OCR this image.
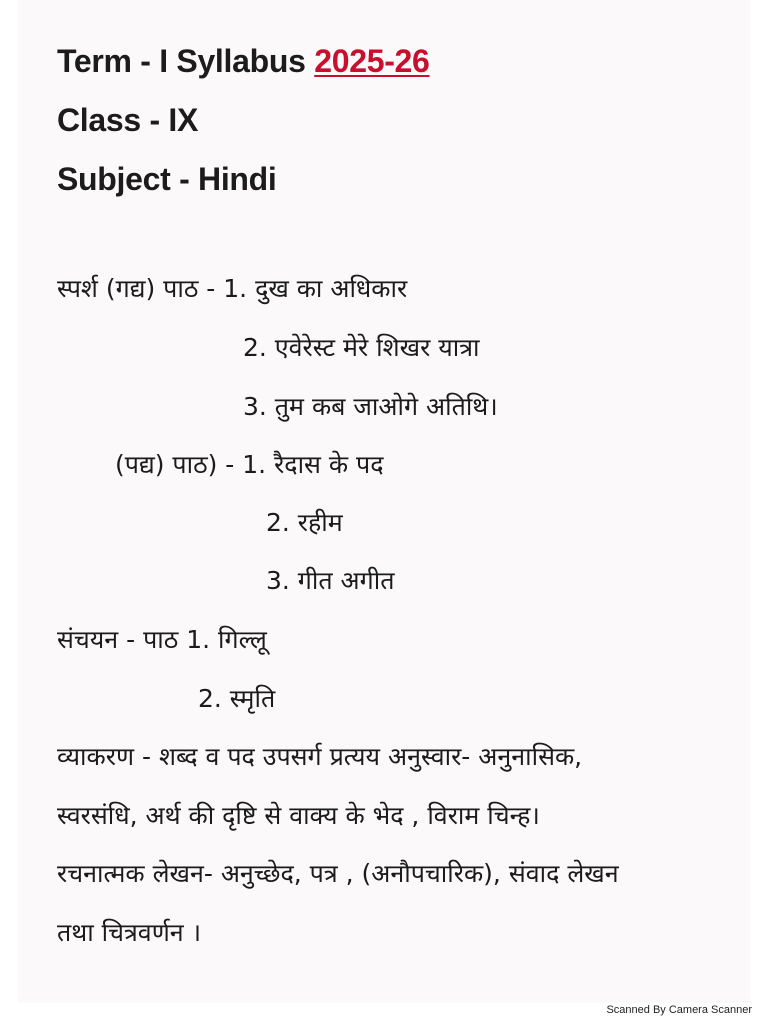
Term - I Syllabus 2025-26
Class - IX
Subject - Hindi
स्पर्श (गद्य) पाठ - 1. दुख का अधिकार
2. एवेरेस्ट मेरे शिखर यात्रा
3. तुम कब जाओगे अतिथि।
(पद्य) पाठ) - 1. रैदास के पद
2. रहीम
3. गीत अगीत
संचयन - पाठ 1. गिल्लू
2. स्मृति
व्याकरण - शब्द व पद उपसर्ग प्रत्यय अनुस्वार- अनुनासिक,
स्वरसंधि, अर्थ की दृष्टि से वाक्य के भेद , विराम चिन्ह।
रचनात्मक लेखन- अनुच्छेद, पत्र , (अनौपचारिक), संवाद लेखन
तथा चित्रवर्णन ।
Scanned By Camera Scanner
